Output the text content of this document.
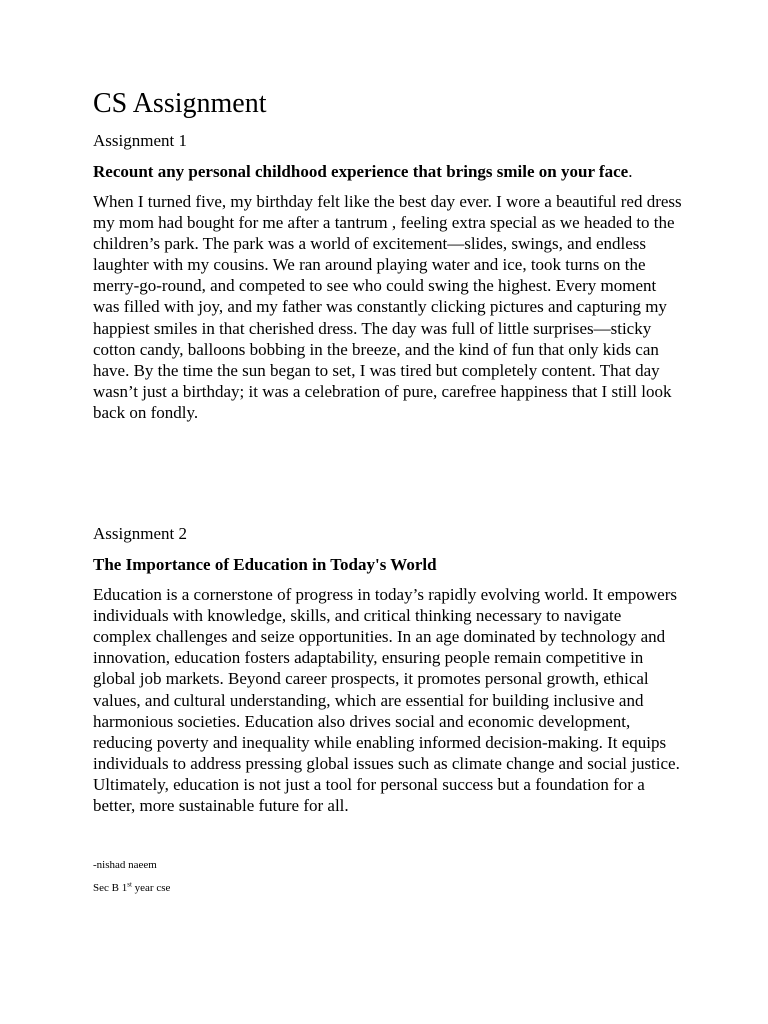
CS Assignment

Assignment 1

Recount any personal childhood experience that brings smile on your face.

When I turned five, my birthday felt like the best day ever. I wore a beautiful red dress my mom had bought for me after a tantrum , feeling extra special as we headed to the children’s park. The park was a world of excitement—slides, swings, and endless laughter with my cousins. We ran around playing water and ice, took turns on the merry-go-round, and competed to see who could swing the highest. Every moment was filled with joy, and my father was constantly clicking pictures and capturing my happiest smiles in that cherished dress. The day was full of little surprises—sticky cotton candy, balloons bobbing in the breeze, and the kind of fun that only kids can have. By the time the sun began to set, I was tired but completely content. That day wasn’t just a birthday; it was a celebration of pure, carefree happiness that I still look back on fondly.

Assignment 2

The Importance of Education in Today's World

Education is a cornerstone of progress in today’s rapidly evolving world. It empowers individuals with knowledge, skills, and critical thinking necessary to navigate complex challenges and seize opportunities. In an age dominated by technology and innovation, education fosters adaptability, ensuring people remain competitive in global job markets. Beyond career prospects, it promotes personal growth, ethical values, and cultural understanding, which are essential for building inclusive and harmonious societies. Education also drives social and economic development, reducing poverty and inequality while enabling informed decision-making. It equips individuals to address pressing global issues such as climate change and social justice. Ultimately, education is not just a tool for personal success but a foundation for a better, more sustainable future for all.

-nishad naeem

Sec B 1st year cse
